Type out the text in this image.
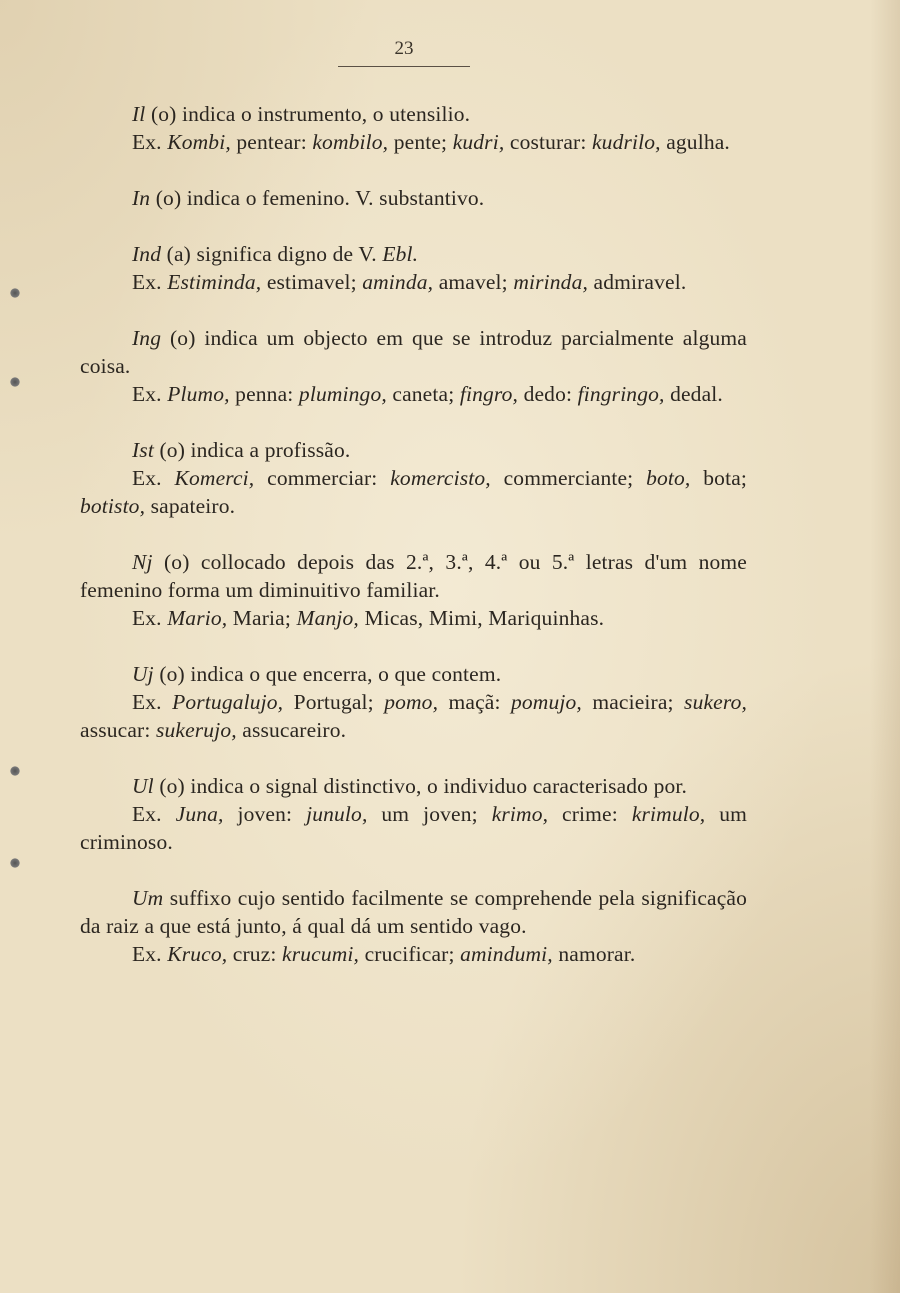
23

Il (o) indica o instrumento, o utensilio.

Ex. Kombi, pentear: kombilo, pente; kudri, costurar: kudrilo, agulha.

In (o) indica o femenino. V. substantivo.

Ind (a) significa digno de V. Ebl.

Ex. Estiminda, estimavel; aminda, amavel; mirinda, admiravel.

Ing (o) indica um objecto em que se introduz parcialmente alguma coisa.

Ex. Plumo, penna: plumingo, caneta; fingro, dedo: fingringo, dedal.

Ist (o) indica a profissão.

Ex. Komerci, commerciar: komercisto, commerciante; boto, bota; botisto, sapateiro.

Nj (o) collocado depois das 2.ª, 3.ª, 4.ª ou 5.ª letras d'um nome femenino forma um diminuitivo familiar.

Ex. Mario, Maria; Manjo, Micas, Mimi, Mariquinhas.

Uj (o) indica o que encerra, o que contem.

Ex. Portugalujo, Portugal; pomo, maçã: pomujo, macieira; sukero, assucar: sukerujo, assucareiro.

Ul (o) indica o signal distinctivo, o individuo caracterisado por.

Ex. Juna, joven: junulo, um joven; krimo, crime: krimulo, um criminoso.

Um suffixo cujo sentido facilmente se comprehende pela significação da raiz a que está junto, á qual dá um sentido vago.

Ex. Kruco, cruz: krucumi, crucificar; amindumi, namorar.
